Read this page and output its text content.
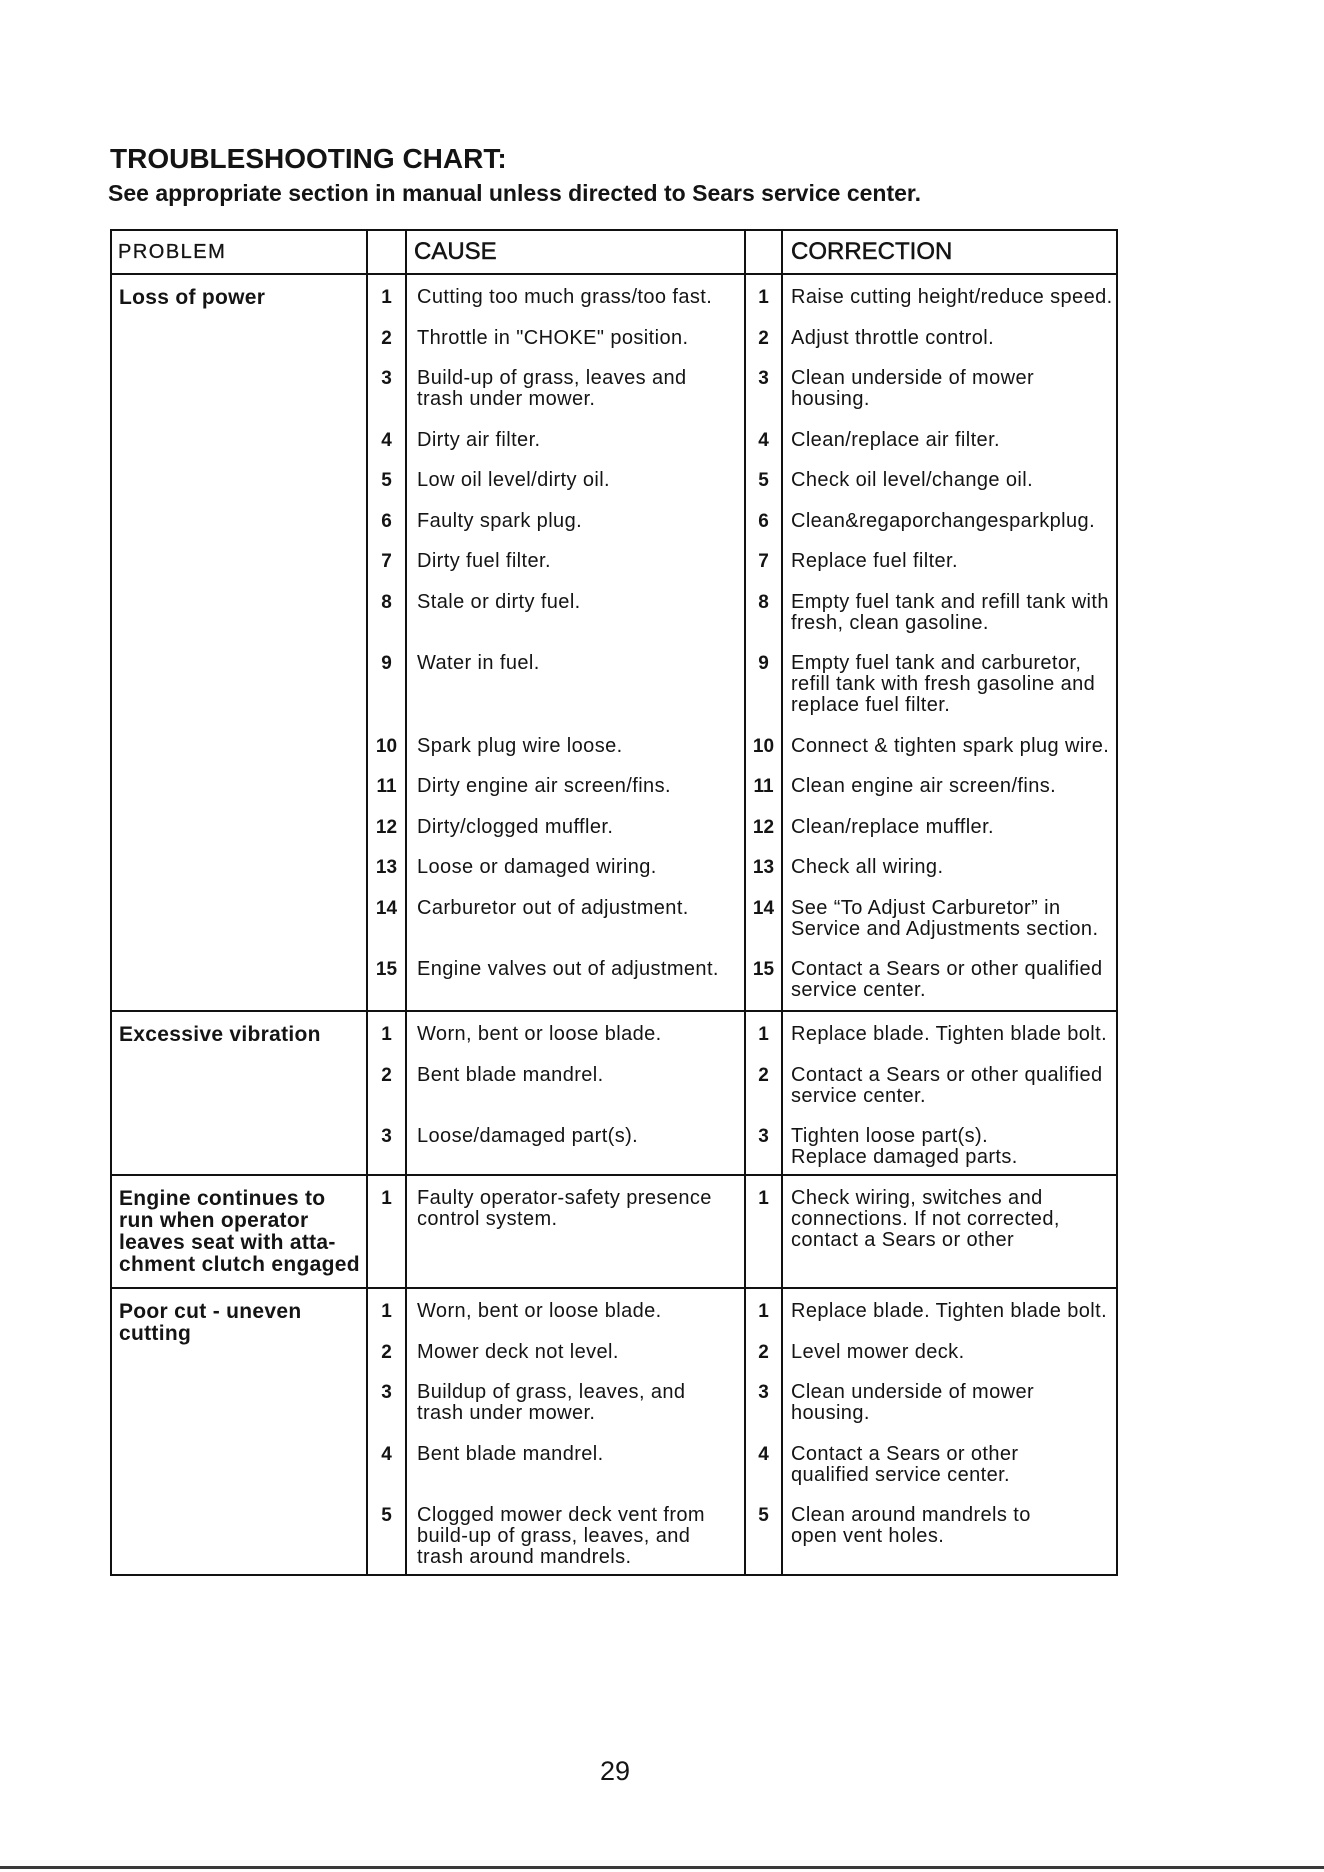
TROUBLESHOOTING CHART:
See appropriate section in manual unless directed to Sears service center.
PROBLEM	CAUSE	CORRECTION
Loss of power	1	Cutting too much grass/too fast.	1	Raise cutting height/reduce speed.
2	Throttle in "CHOKE" position.	2	Adjust throttle control.
3	Build-up of grass, leaves and
trash under mower.
3	Clean underside of mower
housing.
4	Dirty air filter.	4	Clean/replace air filter.
5	Low oil level/dirty oil.	5	Check oil level/change oil.
6	Faulty spark plug.	6	Clean&regaporchangesparkplug.
7	Dirty fuel filter.	7	Replace fuel filter.
8	Stale or dirty fuel.	8	Empty fuel tank and refill tank with
fresh, clean gasoline.
9	Water in fuel.	9	Empty fuel tank and carburetor,
refill tank with fresh gasoline and
replace fuel filter.
10 Spark plug wire loose.	10 Connect & tighten spark plug wire.
11	Dirty engine air screen/fins.	11 Clean engine air screen/fins.
12 Dirty/clogged muffler.	12 Clean/replace muffler.
13 Loose or damaged wiring.	13 Check all wiring.
14 Carburetor out of adjustment.	14 See “To Adjust Carburetor” in
Service and Adjustments section.
15 Engine valves out of adjustment.	15 Contact a Sears or other qualified
service center.
Excessive vibration	1	Worn, bent or loose blade.	1	Replace blade. Tighten blade bolt.
2	Bent blade mandrel.	2	Contact a Sears or other qualified
service center.
3	Loose/damaged part(s).	3	Tighten loose part(s).
Replace damaged parts.
Engine continues to
run when operator
leaves seat with atta-
chment clutch engaged
1	Faulty operator-safety presence
control system.
1	Check wiring, switches and
connections. If not corrected,
contact a Sears or other
Poor cut - uneven
cutting
1	Worn, bent or loose blade.	1	Replace blade. Tighten blade bolt.
2	Mower deck not level.	2	Level mower deck.
3	Buildup of grass, leaves, and
trash under mower.
3	Clean underside of mower
housing.
4	Bent blade mandrel.	4	Contact a Sears or other
qualified service center.
5	Clogged mower deck vent from
build-up of grass, leaves, and
trash around mandrels.
5	Clean around mandrels to
open vent holes.
29
